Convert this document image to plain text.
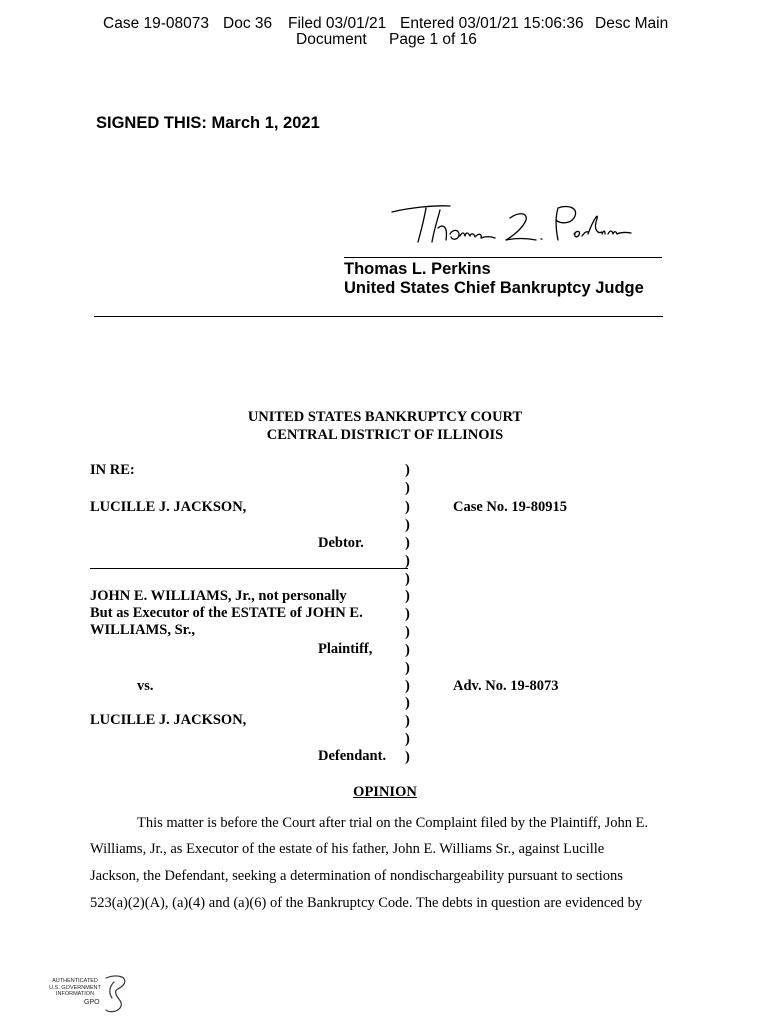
Case 19-08073 Doc 36 Filed 03/01/21 Entered 03/01/21 15:06:36 Desc Main
Document Page 1 of 16
SIGNED THIS: March 1, 2021
Thomas L. Perkins
United States Chief Bankruptcy Judge
UNITED STATES BANKRUPTCY COURT
CENTRAL DISTRICT OF ILLINOIS
IN RE:
LUCILLE J. JACKSON,
Debtor.
JOHN E. WILLIAMS, Jr., not personally
But as Executor of the ESTATE of JOHN E.
WILLIAMS, Sr.,
Plaintiff,
vs.
LUCILLE J. JACKSON,
Defendant.
)
)
)
)
)
)
)
)
)
)
)
)
)
)
)
)
)
Case No. 19-80915
Adv. No. 19-8073
OPINION
This matter is before the Court after trial on the Complaint filed by the Plaintiff, John E.
Williams, Jr., as Executor of the estate of his father, John E. Williams Sr., against Lucille
Jackson, the Defendant, seeking a determination of nondischargeability pursuant to sections
523(a)(2)(A), (a)(4) and (a)(6) of the Bankruptcy Code. The debts in question are evidenced by
AUTHENTICATED
U.S. GOVERNMENT
INFORMATION
GPO
